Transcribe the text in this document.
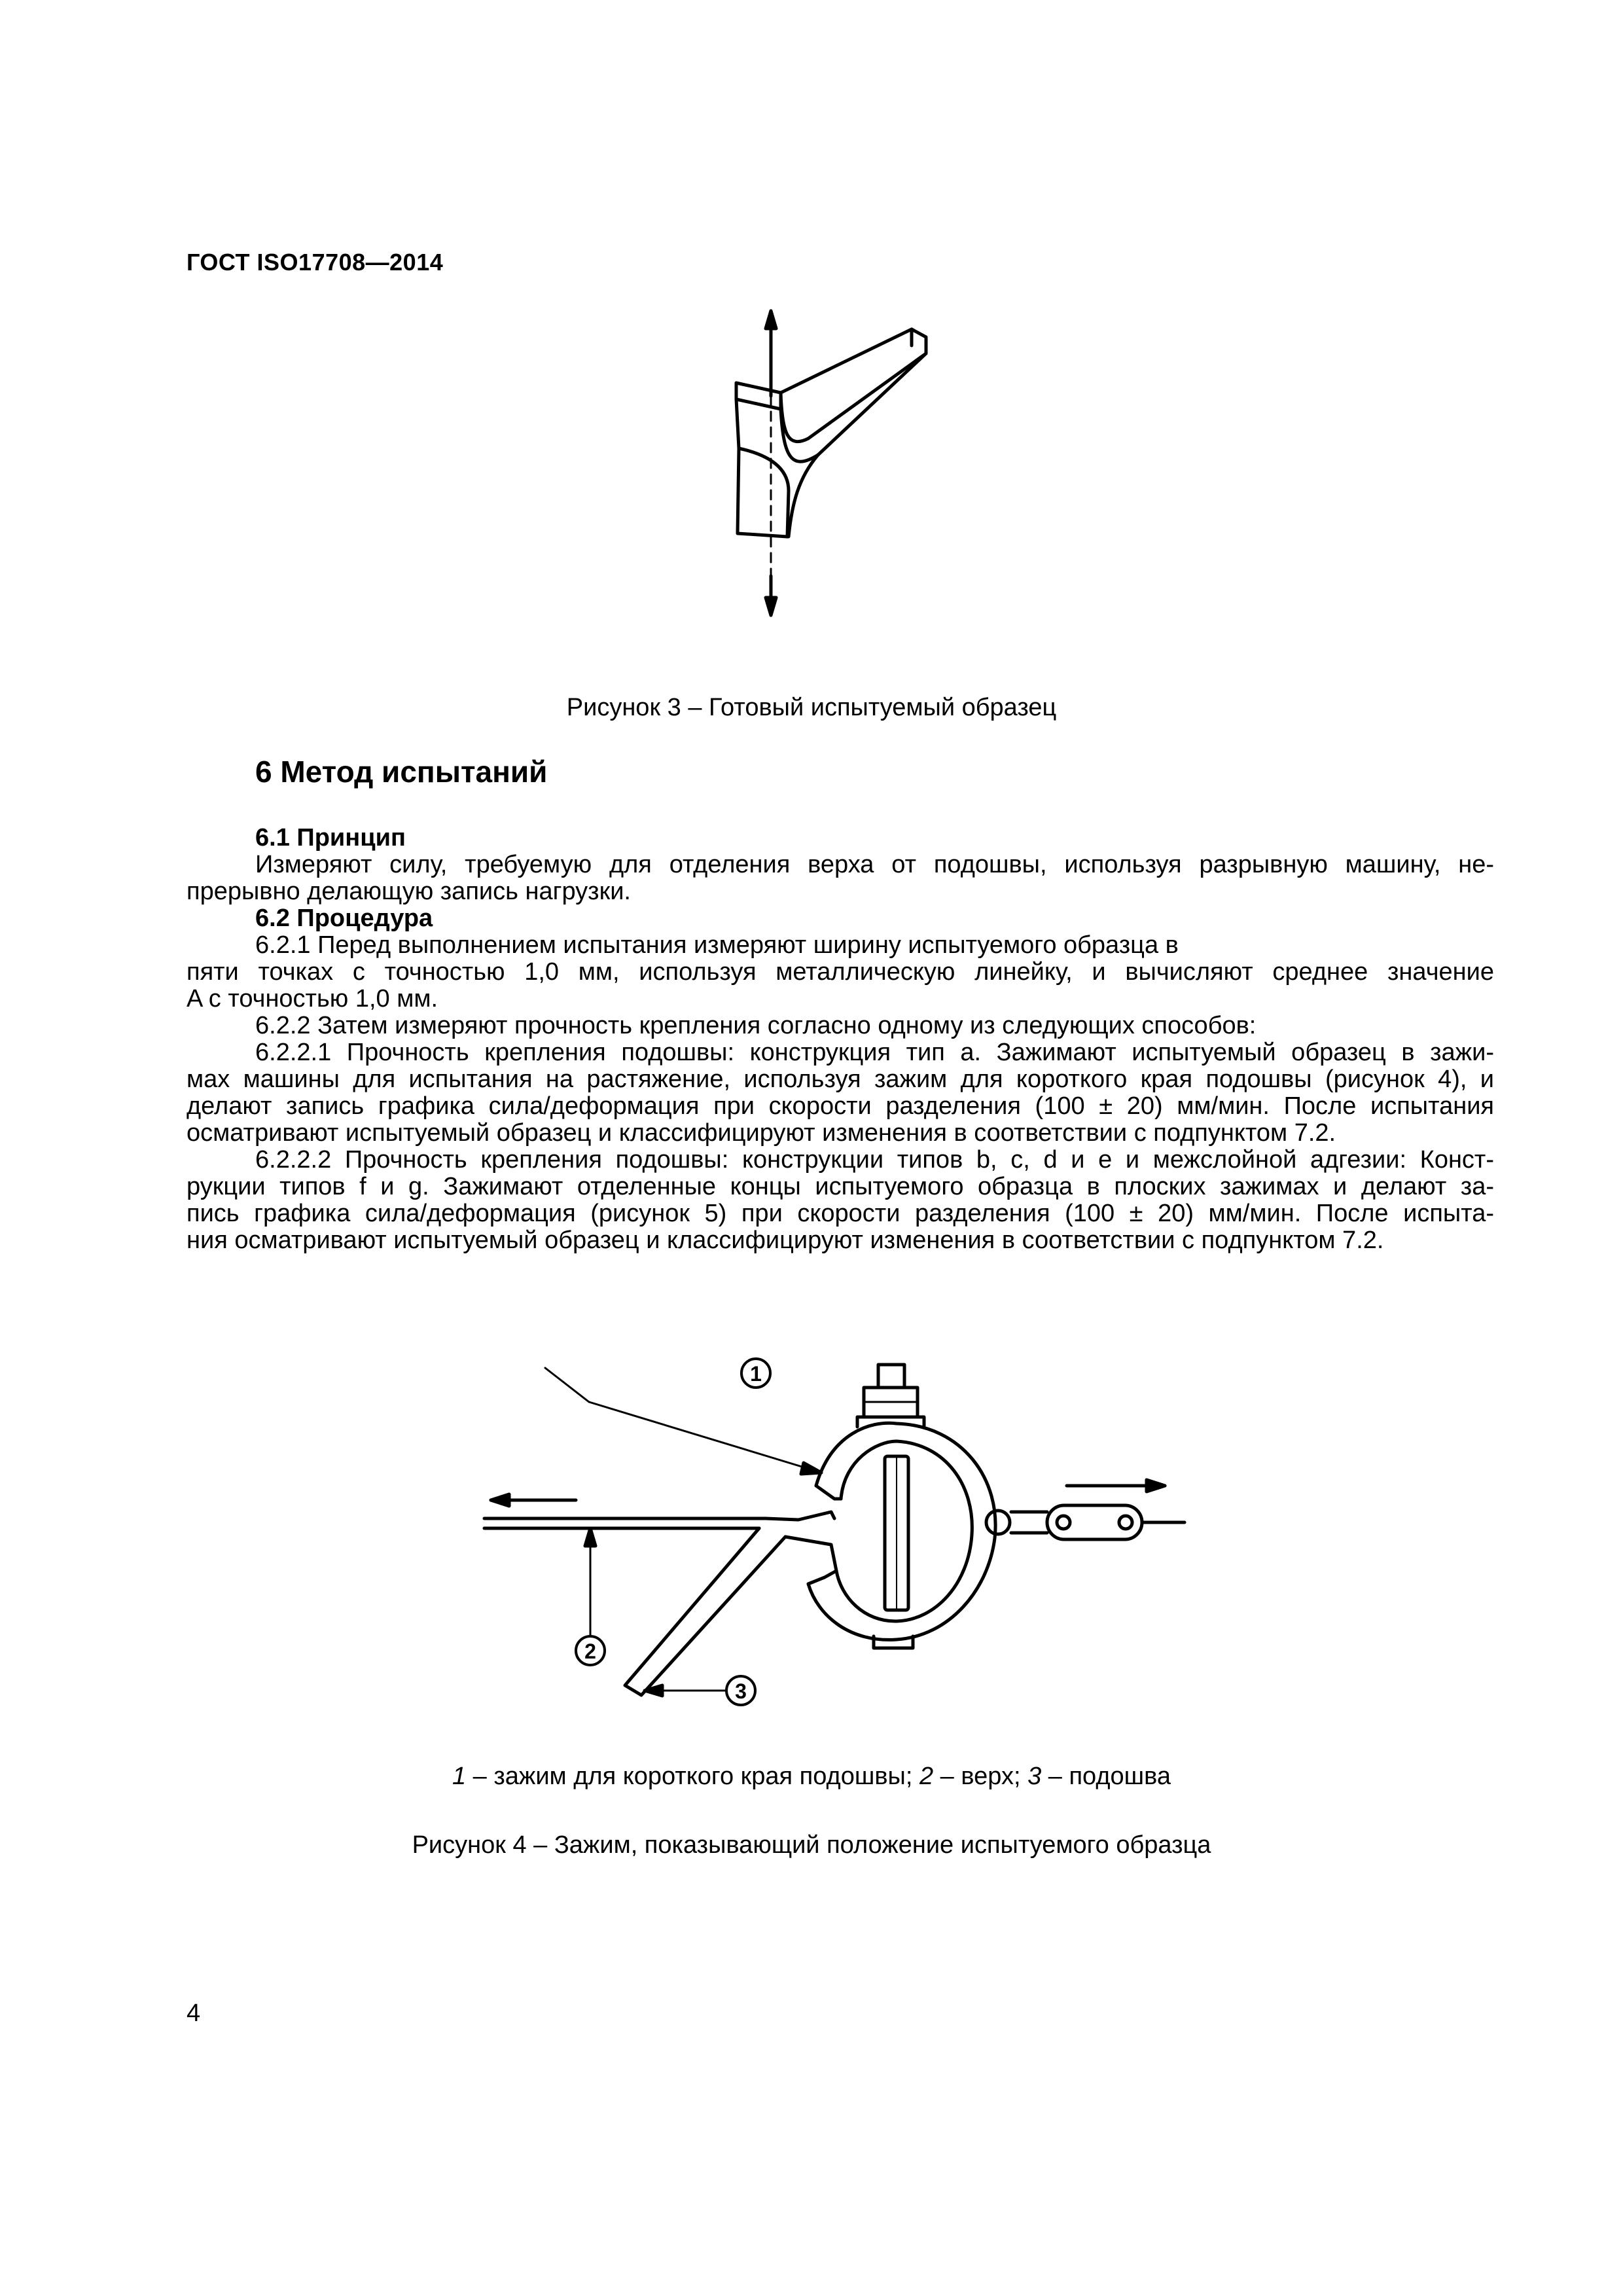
ГОСТ ISO17708—2014
Рисунок 3 – Готовый испытуемый образец
6 Метод испытаний
6.1 Принцип
Измеряют силу, требуемую для отделения верха от подошвы, используя разрывную машину, не-
прерывно делающую запись нагрузки.
6.2 Процедура
6.2.1 Перед выполнением испытания измеряют ширину испытуемого образца в
пяти точках с точностью 1,0 мм, используя металлическую линейку, и вычисляют среднее значение
A с точностью 1,0 мм.
6.2.2 Затем измеряют прочность крепления согласно одному из следующих способов:
6.2.2.1 Прочность крепления подошвы: конструкция тип a. Зажимают испытуемый образец в зажи-
мах машины для испытания на растяжение, используя зажим для короткого края подошвы (рисунок 4), и
делают запись графика сила/деформация при скорости разделения (100 ± 20) мм/мин. После испытания
осматривают испытуемый образец и классифицируют изменения в соответствии с подпунктом 7.2.
6.2.2.2 Прочность крепления подошвы: конструкции типов b, c, d и e и межслойной адгезии: Конст-
рукции типов f и g. Зажимают отделенные концы испытуемого образца в плоских зажимах и делают за-
пись графика сила/деформация (рисунок 5) при скорости разделения (100 ± 20) мм/мин. После испыта-
ния осматривают испытуемый образец и классифицируют изменения в соответствии с подпунктом 7.2.
1
2
3
1 – зажим для короткого края подошвы; 2 – верх; 3 – подошва
Рисунок 4 – Зажим, показывающий положение испытуемого образца
4
